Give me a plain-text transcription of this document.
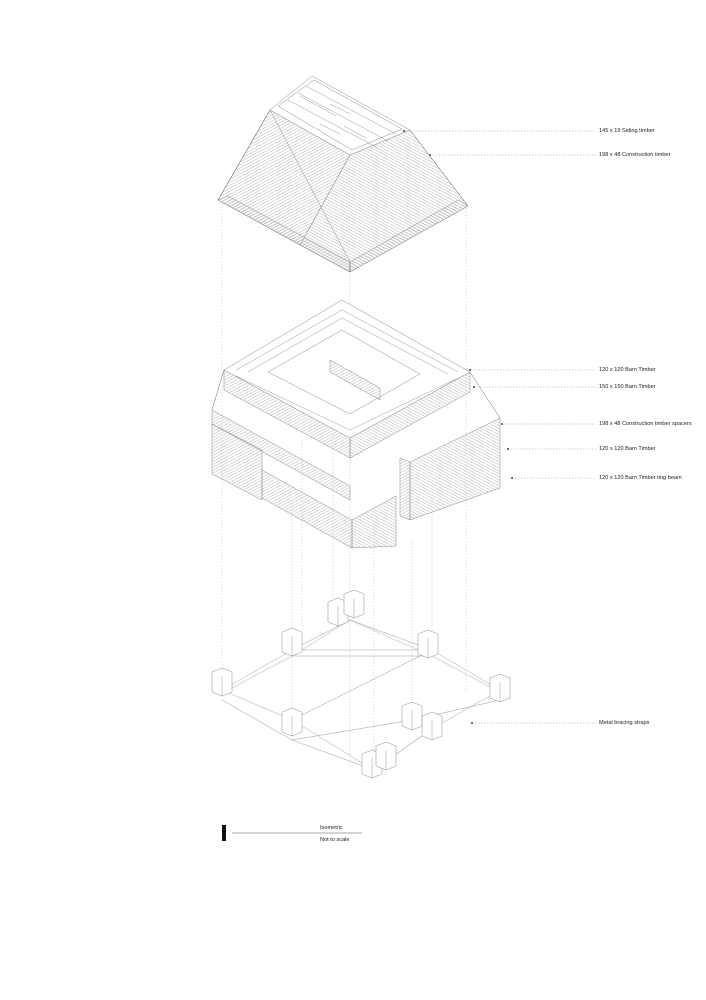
145 x 19 Siding timber
198 x 48 Construction timber
120 x 120 Barn Timber
150 x 150 Barn Timber
198 x 48 Construction timber spacers
120 x 120 Barn Timber
120 x 120 Barn Timber ting beam
Metal bracing straps
Isometric
Not to scale
